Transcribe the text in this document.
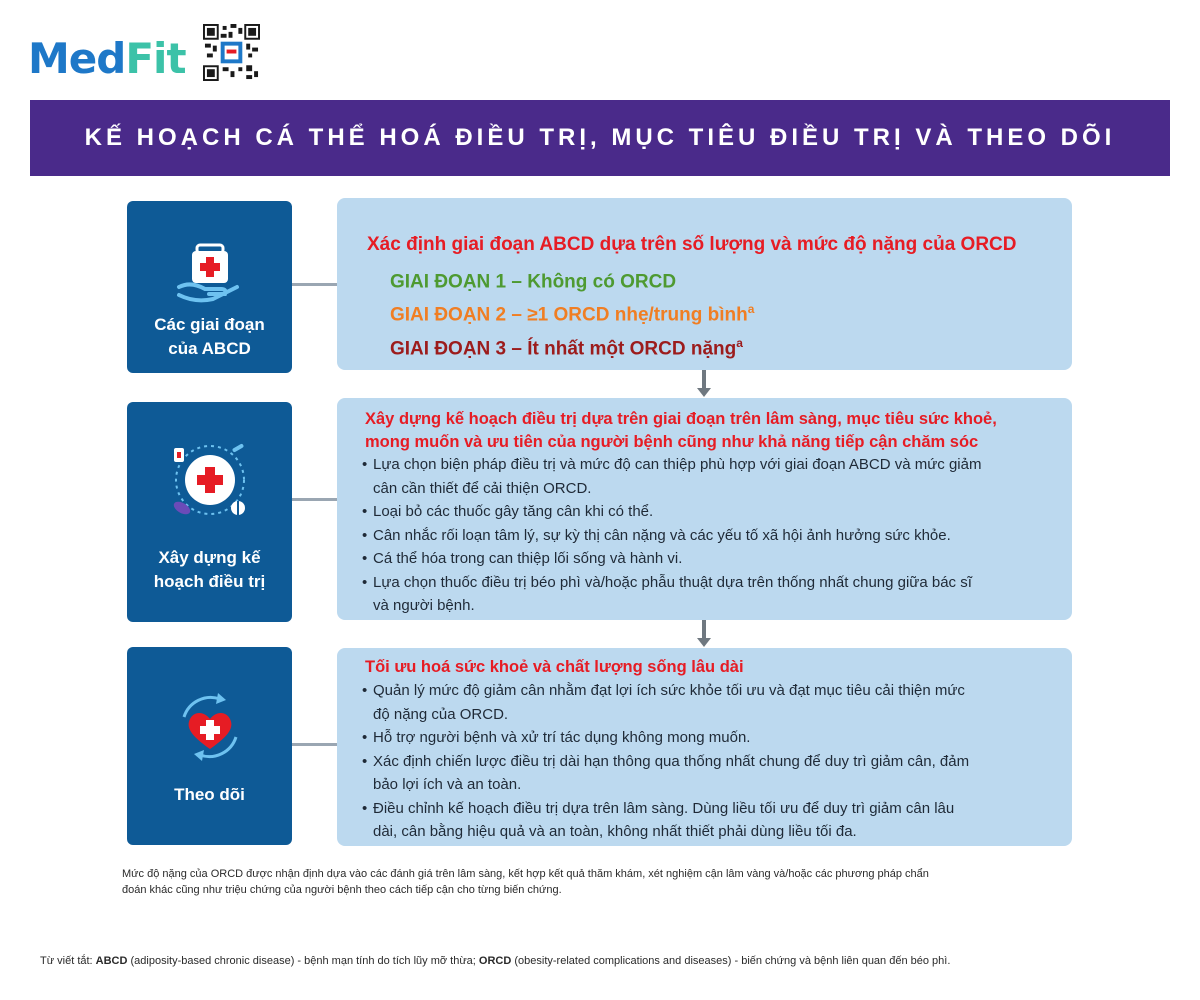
Med Fit
KẾ HOẠCH CÁ THỂ HOÁ ĐIỀU TRỊ, MỤC TIÊU ĐIỀU TRỊ VÀ THEO DÕI
Các giai đoạn
của ABCD
Xác định giai đoạn ABCD dựa trên số lượng và mức độ nặng của ORCD
GIAI ĐOẠN 1 – Không có ORCD
GIAI ĐOẠN 2 – ≥1 ORCD nhẹ/trung bình$^a$
GIAI ĐOẠN 3 – Ít nhất một ORCD nặng$^a$
Xây dựng kế
hoạch điều trị
Xây dựng kế hoạch điều trị dựa trên giai đoạn trên lâm sàng, mục tiêu sức khoẻ,
mong muốn và ưu tiên của người bệnh cũng như khả năng tiếp cận chăm sóc
• Lựa chọn biện pháp điều trị và mức độ can thiệp phù hợp với giai đoạn ABCD và mức giảm
cân cần thiết để cải thiện ORCD.
• Loại bỏ các thuốc gây tăng cân khi có thể.
• Cân nhắc rối loạn tâm lý, sự kỳ thị cân nặng và các yếu tố xã hội ảnh hưởng sức khỏe.
• Cá thể hóa trong can thiệp lối sống và hành vi.
• Lựa chọn thuốc điều trị béo phì và/hoặc phẫu thuật dựa trên thống nhất chung giữa bác sĩ
và người bệnh.
Theo dõi
Tối ưu hoá sức khoẻ và chất lượng sống lâu dài
• Quản lý mức độ giảm cân nhằm đạt lợi ích sức khỏe tối ưu và đạt mục tiêu cải thiện mức
độ nặng của ORCD.
• Hỗ trợ người bệnh và xử trí tác dụng không mong muốn.
• Xác định chiến lược điều trị dài hạn thông qua thống nhất chung để duy trì giảm cân, đảm
bảo lợi ích và an toàn.
• Điều chỉnh kế hoạch điều trị dựa trên lâm sàng. Dùng liều tối ưu để duy trì giảm cân lâu
dài, cân bằng hiệu quả và an toàn, không nhất thiết phải dùng liều tối đa.
Mức độ nặng của ORCD được nhận định dựa vào các đánh giá trên lâm sàng, kết hợp kết quả thăm khám, xét nghiệm cận lâm vàng và/hoặc các phương pháp chẩn
đoán khác cũng như triệu chứng của người bệnh theo cách tiếp cận cho từng biến chứng.
Từ viết tắt: ABCD (adiposity-based chronic disease) - bệnh mạn tính do tích lũy mỡ thừa; ORCD (obesity-related complications and diseases) - biến chứng và bệnh liên quan đến béo phì.
